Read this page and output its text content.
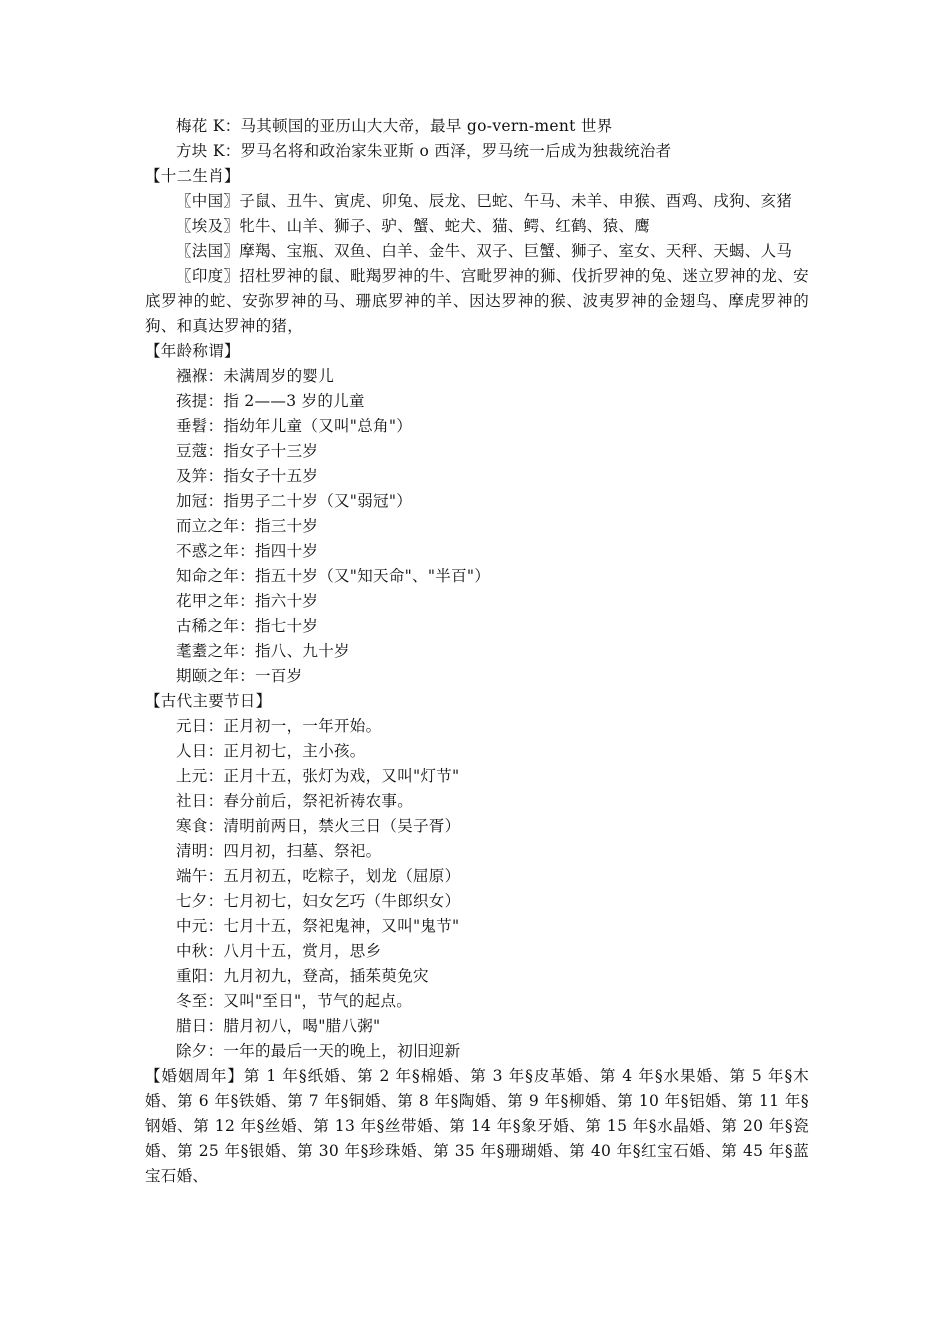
梅花 K：马其顿国的亚历山大大帝，最早 go-vern-ment 世界

方块 K：罗马名将和政治家朱亚斯 o 西泽，罗马统一后成为独裁统治者

【十二生肖】

〖中国〗子鼠、丑牛、寅虎、卯兔、辰龙、巳蛇、午马、未羊、申猴、酉鸡、戌狗、亥猪

〖埃及〗牝牛、山羊、狮子、驴、蟹、蛇犬、猫、鳄、红鹤、猿、鹰

〖法国〗摩羯、宝瓶、双鱼、白羊、金牛、双子、巨蟹、狮子、室女、天秤、天蝎、人马

〖印度〗招杜罗神的鼠、毗羯罗神的牛、宫毗罗神的狮、伐折罗神的兔、迷立罗神的龙、安底罗神的蛇、安弥罗神的马、珊底罗神的羊、因达罗神的猴、波夷罗神的金翅鸟、摩虎罗神的狗、和真达罗神的猪，

【年龄称谓】

襁褓：未满周岁的婴儿

孩提：指 2——3 岁的儿童

垂髫：指幼年儿童（又叫"总角"）

豆蔻：指女子十三岁

及笄：指女子十五岁

加冠：指男子二十岁（又"弱冠"）

而立之年：指三十岁

不惑之年：指四十岁

知命之年：指五十岁（又"知天命"、"半百"）

花甲之年：指六十岁

古稀之年：指七十岁

耄耋之年：指八、九十岁

期颐之年：一百岁

【古代主要节日】

元日：正月初一，一年开始。

人日：正月初七，主小孩。

上元：正月十五，张灯为戏，又叫"灯节"

社日：春分前后，祭祀祈祷农事。

寒食：清明前两日，禁火三日（吴子胥）

清明：四月初，扫墓、祭祀。

端午：五月初五，吃粽子，划龙（屈原）

七夕：七月初七，妇女乞巧（牛郎织女）

中元：七月十五，祭祀鬼神，又叫"鬼节"

中秋：八月十五，赏月，思乡

重阳：九月初九，登高，插茱萸免灾

冬至：又叫"至日"，节气的起点。

腊日：腊月初八，喝"腊八粥"

除夕：一年的最后一天的晚上，初旧迎新

【婚姻周年】第 1 年§纸婚、第 2 年§棉婚、第 3 年§皮革婚、第 4 年§水果婚、第 5 年§木婚、第 6 年§铁婚、第 7 年§铜婚、第 8 年§陶婚、第 9 年§柳婚、第 10 年§铝婚、第 11 年§钢婚、第 12 年§丝婚、第 13 年§丝带婚、第 14 年§象牙婚、第 15 年§水晶婚、第 20 年§瓷婚、第 25 年§银婚、第 30 年§珍珠婚、第 35 年§珊瑚婚、第 40 年§红宝石婚、第 45 年§蓝宝石婚、
